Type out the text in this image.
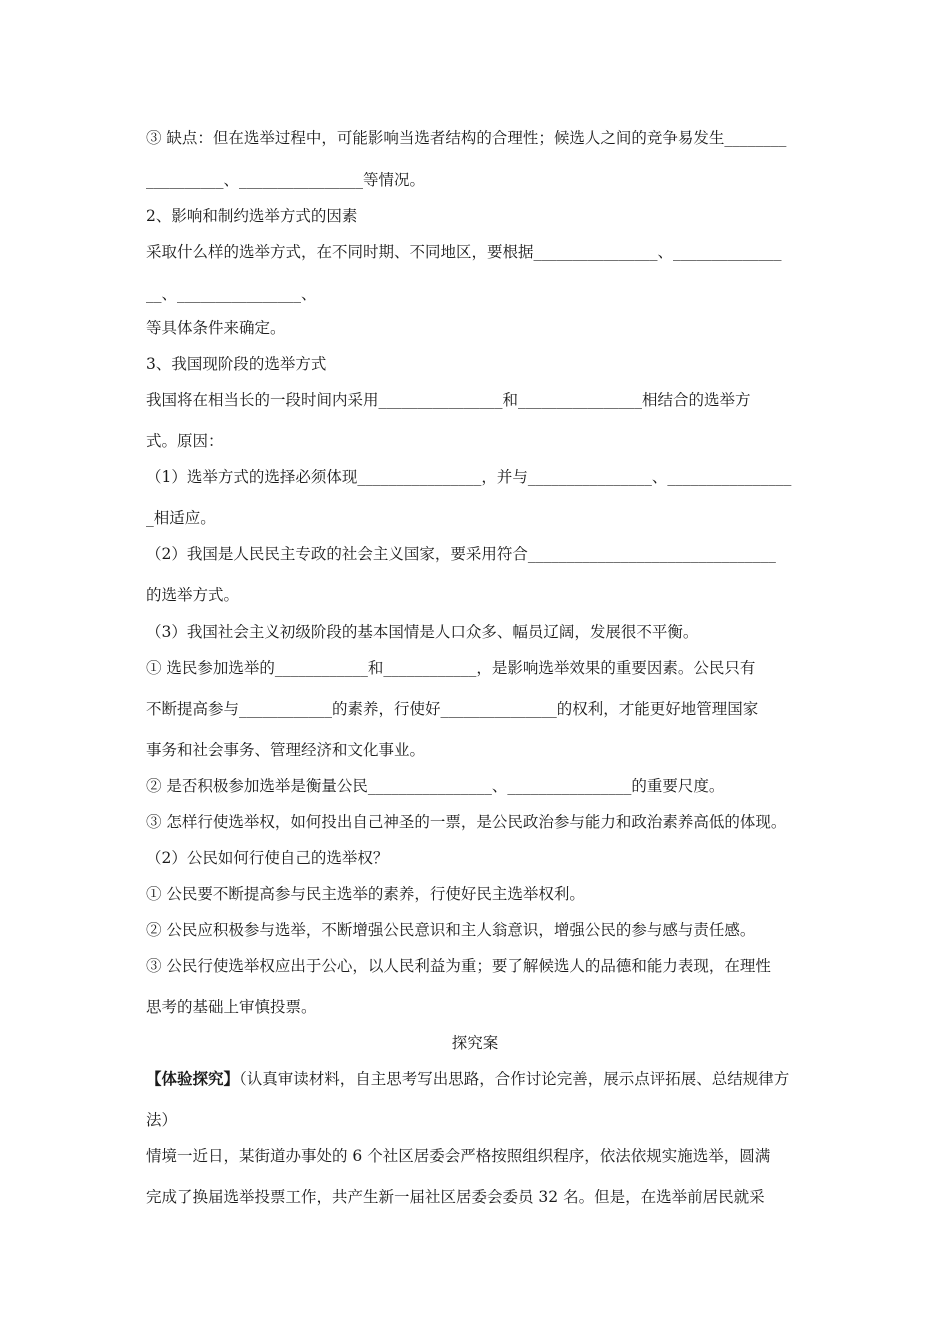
③ 缺点：但在选举过程中，可能影响当选者结构的合理性；候选人之间的竞争易发生________
__________、________________等情况。
2、影响和制约选举方式的因素
采取什么样的选举方式，在不同时期、不同地区，要根据________________、______________
__、________________、
等具体条件来确定。
3、我国现阶段的选举方式
我国将在相当长的一段时间内采用________________和________________相结合的选举方
式。原因：
（1）选举方式的选择必须体现________________，并与________________、________________
_相适应。
（2）我国是人民民主专政的社会主义国家，要采用符合________________________________
的选举方式。
（3）我国社会主义初级阶段的基本国情是人口众多、幅员辽阔，发展很不平衡。
① 选民参加选举的____________和____________，是影响选举效果的重要因素。公民只有
不断提高参与____________的素养，行使好_______________的权利，才能更好地管理国家
事务和社会事务、管理经济和文化事业。
② 是否积极参加选举是衡量公民________________、________________的重要尺度。
③ 怎样行使选举权，如何投出自己神圣的一票，是公民政治参与能力和政治素养高低的体现。
（2）公民如何行使自己的选举权？
① 公民要不断提高参与民主选举的素养，行使好民主选举权利。
② 公民应积极参与选举，不断增强公民意识和主人翁意识，增强公民的参与感与责任感。
③ 公民行使选举权应出于公心，以人民利益为重；要了解候选人的品德和能力表现，在理性
思考的基础上审慎投票。
探究案
【体验探究】（认真审读材料，自主思考写出思路，合作讨论完善，展示点评拓展、总结规律方
法）
情境一近日，某街道办事处的 6 个社区居委会严格按照组织程序，依法依规实施选举，圆满
完成了换届选举投票工作，共产生新一届社区居委会委员 32 名。但是，在选举前居民就采
